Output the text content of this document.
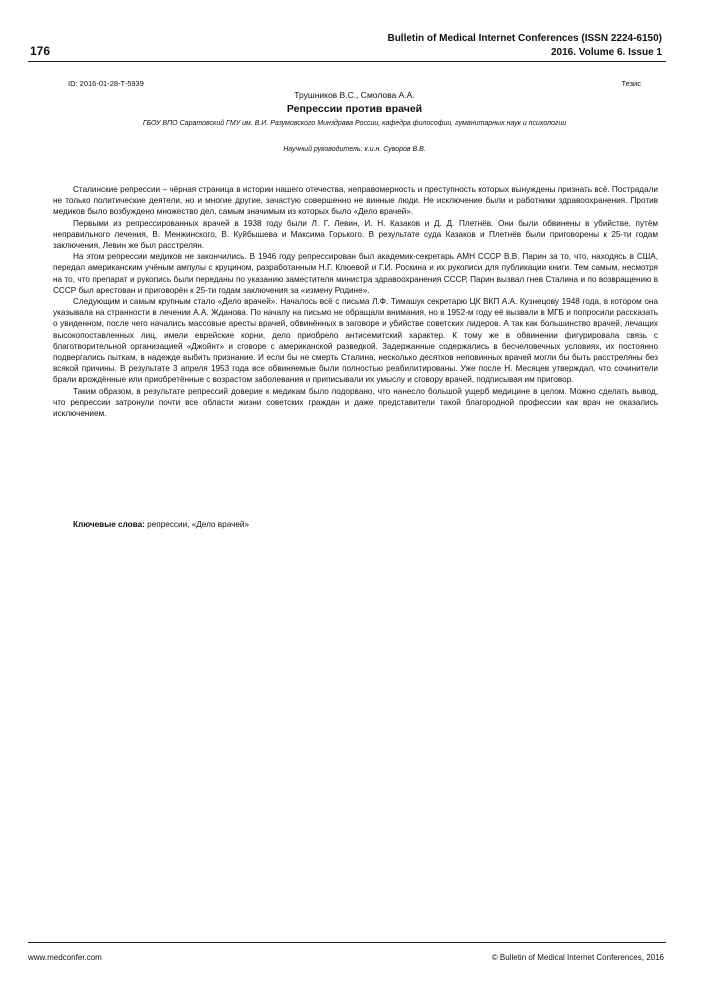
176
Bulletin of Medical Internet Conferences (ISSN 2224-6150)
2016. Volume 6. Issue 1
ID: 2016-01-28-T-5939	Тезис
Трушников В.С., Смолова А.А.
Репрессии против врачей
ГБОУ ВПО Саратовский ГМУ им. В.И. Разумовского Минздрава России, кафедра философии, гуманитарных наук и психологии
Научный руководитель: к.и.н. Суворов В.В.

Сталинские репрессии – чёрная страница в истории нашего отечества, неправомерность и преступность которых вынуждены признать всё. Пострадали не только политические деятели, но и многие другие, зачастую совершенно не винные люди. Не исключение были и работники здравоохранения. Против медиков было возбуждено множество дел, самым значимым из которых было «Дело врачей».

Первыми из репрессированных врачей в 1938 году были Л. Г. Левин, И. Н. Казаков и Д. Д. Плетнёв. Они были обвинены в убийстве, путём неправильного лечения, В. Менжинского, В. Куйбышева и Максима Горького. В результате суда Казаков и Плетнёв были приговорены к 25-ти годам заключения, Левин же был расстрелян.

На этом репрессии медиков не закончились. В 1946 году репрессирован был академик-секретарь АМН СССР В.В. Парин за то, что, находясь в США, передал американским учёным ампулы с круцином, разработанным Н.Г. Клюевой и Г.И. Роскина и их рукописи для публикации книги. Тем самым, несмотря на то, что препарат и рукопись были переданы по указанию заместителя министра здравоохранения СССР, Парин вызвал гнев Сталина и по возвращению в СССР был арестован и приговорён к 25-ти годам заключения за «измену Родине».

Следующим и самым крупным стало «Дело врачей». Началось всё с письма Л.Ф. Тимашук секретарю ЦК ВКП А.А. Кузнецову 1948 года, в котором она указывала на странности в лечении А.А. Жданова. По началу на письмо не обращали внимания, но в 1952-м году её вызвали в МГБ и попросили рассказать о увиденном, после чего начались массовые аресты врачей, обвинённых в заговоре и убийстве советских лидеров. А так как большинство врачей, лечащих высокопоставленных лиц, имели еврейские корни, дело приобрело антисемитский характер. К тому же в обвинении фигурировала связь с благотворительной организацией «Джойнт» и сговоре с американской разведкой. Задержанные содержались в бесчеловечных условиях, их постоянно подвергались пыткам, в надежде выбить признание. И если бы не смерть Сталина, несколько десятков неповинных врачей могли бы быть расстреляны без всякой причины. В результате 3 апреля 1953 года все обвиняемые были полностью реабилитированы. Уже после Н. Месяцев утверждал, что сочинители брали врождённые или приобретённые с возрастом заболевания и приписывали их умыслу и сговору врачей, подписывая им приговор.

Таким образом, в результате репрессий доверие к медикам было подорвано, что нанесло большой ущерб медицине в целом. Можно сделать вывод, что репрессии затронули почти все области жизни советских граждан и даже представители такой благородной профессии как врач не оказались исключением.

Ключевые слова: репрессии, «Дело врачей»
www.medconfer.com	© Bulletin of Medical Internet Conferences, 2016
